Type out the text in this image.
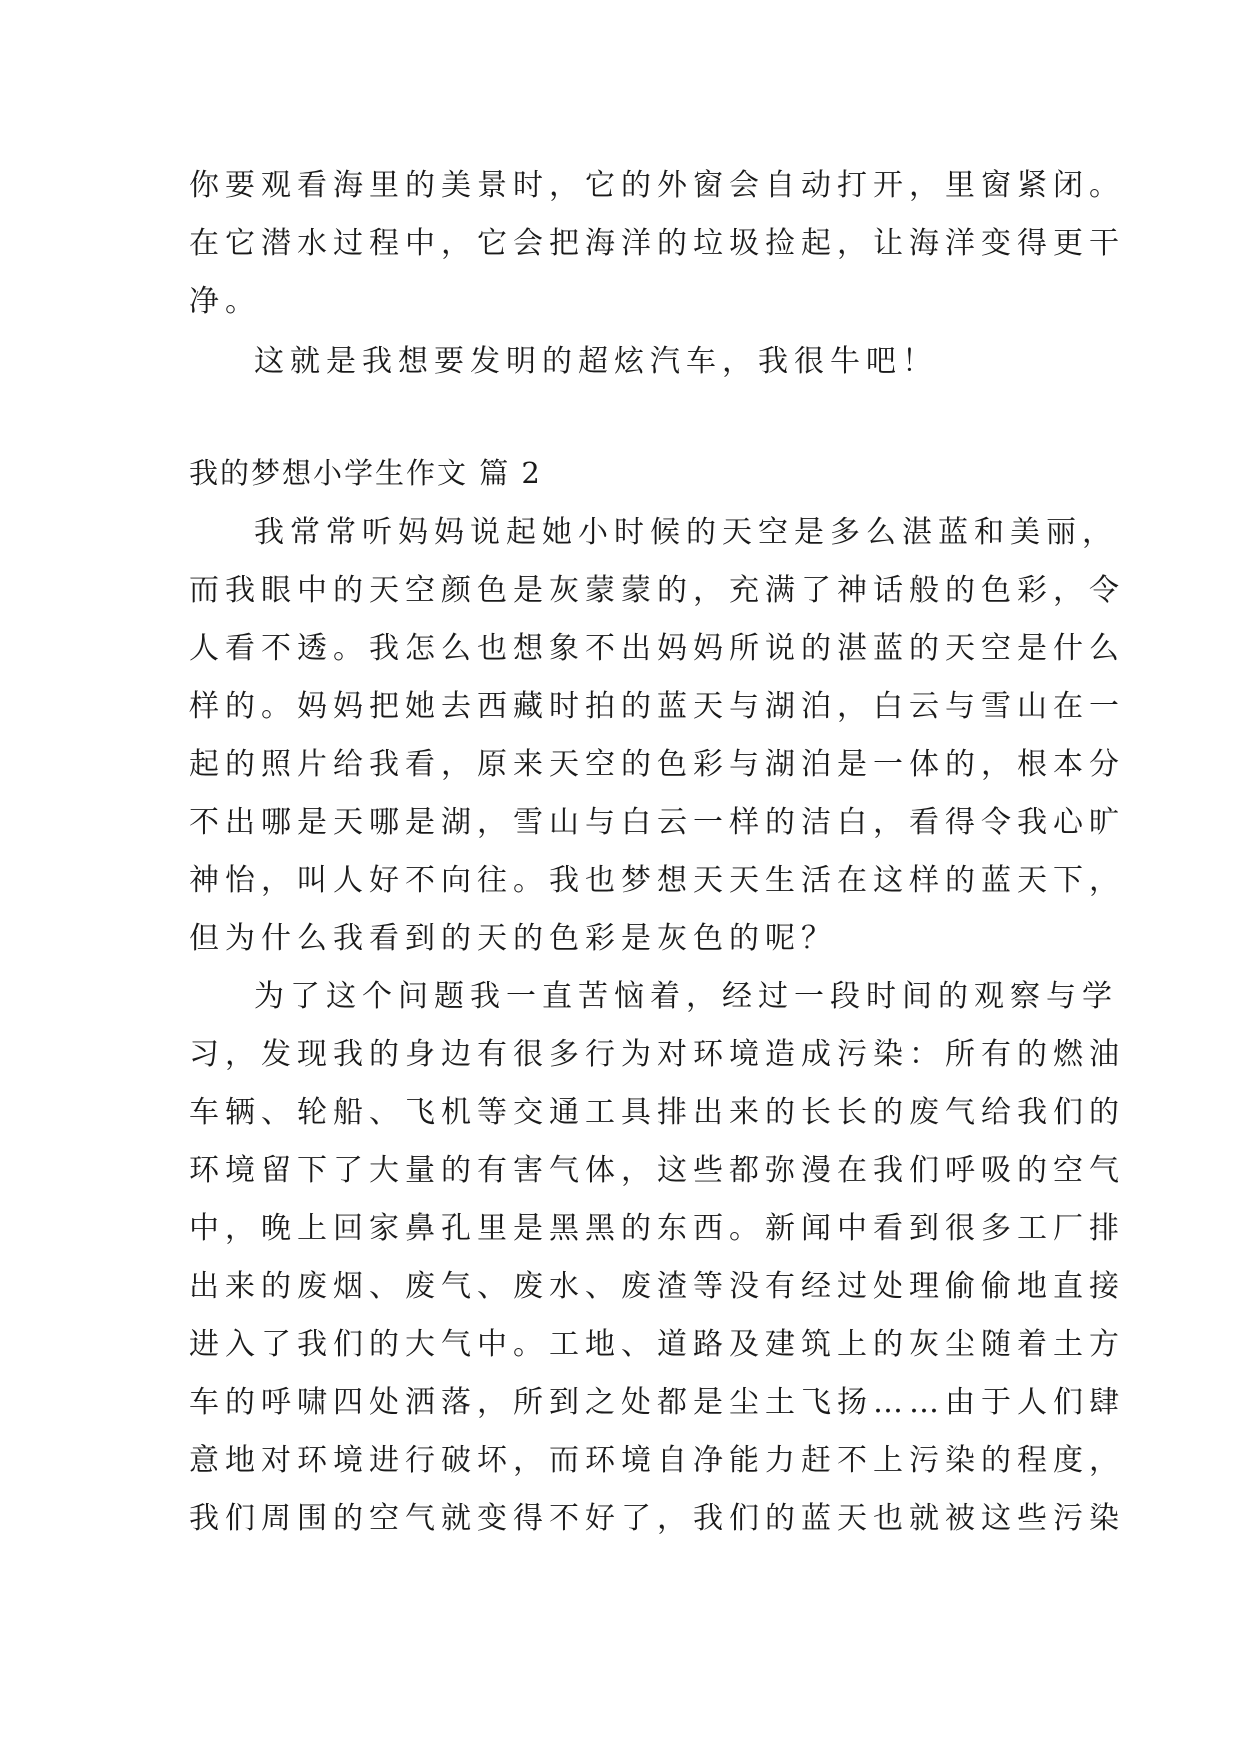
你要观看海里的美景时，它的外窗会自动打开，里窗紧闭。
在它潜水过程中，它会把海洋的垃圾捡起，让海洋变得更干
净。
这就是我想要发明的超炫汽车，我很牛吧！
我的梦想小学生作文 篇 2
我常常听妈妈说起她小时候的天空是多么湛蓝和美丽，
而我眼中的天空颜色是灰蒙蒙的，充满了神话般的色彩，令
人看不透。我怎么也想象不出妈妈所说的湛蓝的天空是什么
样的。妈妈把她去西藏时拍的蓝天与湖泊，白云与雪山在一
起的照片给我看，原来天空的色彩与湖泊是一体的，根本分
不出哪是天哪是湖，雪山与白云一样的洁白，看得令我心旷
神怡，叫人好不向往。我也梦想天天生活在这样的蓝天下，
但为什么我看到的天的色彩是灰色的呢？
为了这个问题我一直苦恼着，经过一段时间的观察与学
习，发现我的身边有很多行为对环境造成污染：所有的燃油
车辆、轮船、飞机等交通工具排出来的长长的废气给我们的
环境留下了大量的有害气体，这些都弥漫在我们呼吸的空气
中，晚上回家鼻孔里是黑黑的东西。新闻中看到很多工厂排
出来的废烟、废气、废水、废渣等没有经过处理偷偷地直接
进入了我们的大气中。工地、道路及建筑上的灰尘随着土方
车的呼啸四处洒落，所到之处都是尘土飞扬……由于人们肆
意地对环境进行破坏，而环境自净能力赶不上污染的程度，
我们周围的空气就变得不好了，我们的蓝天也就被这些污染
